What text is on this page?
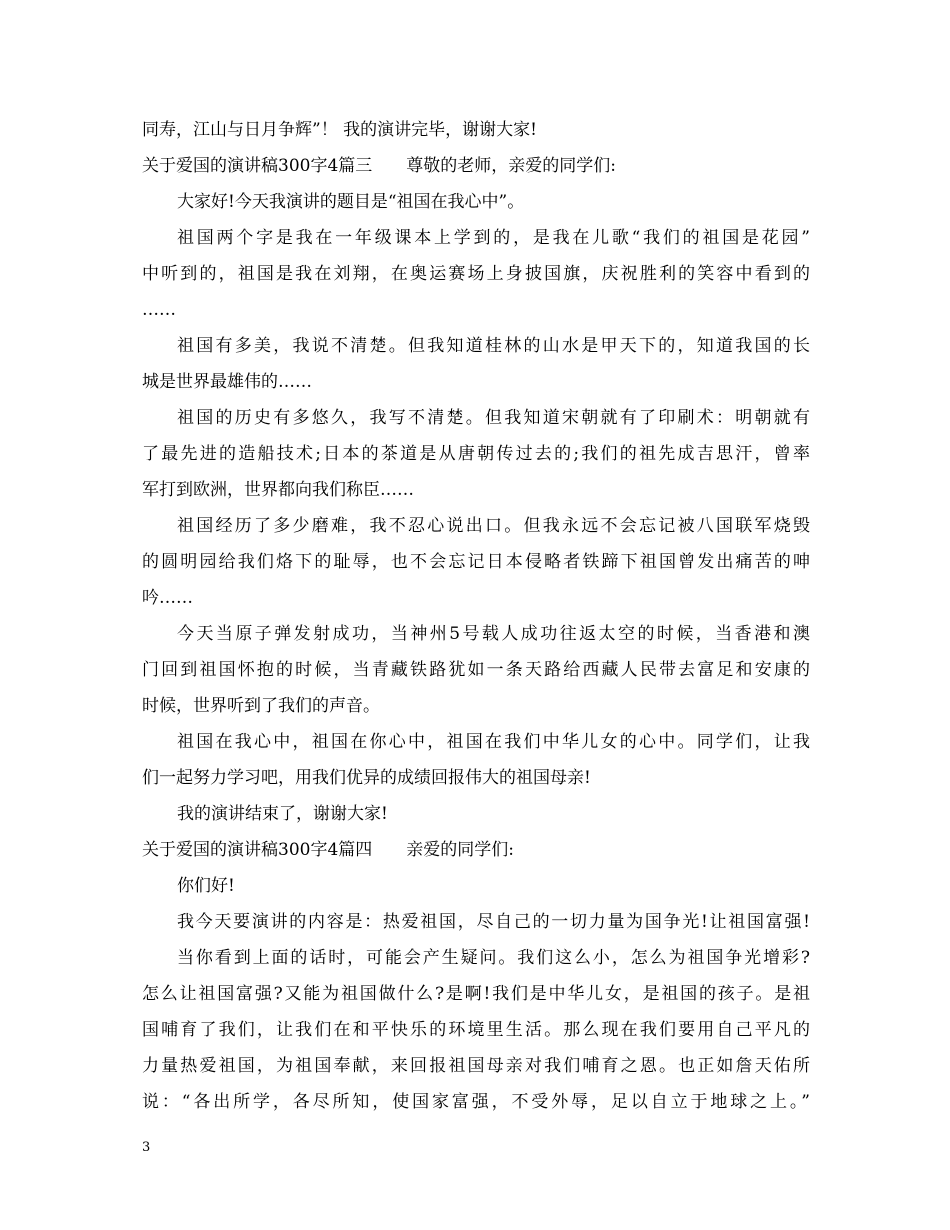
同寿，江山与日月争辉”！ 我的演讲完毕，谢谢大家!
关于爱国的演讲稿300字4篇三 尊敬的老师，亲爱的同学们:
大家好!今天我演讲的题目是“祖国在我心中”。
祖国两个字是我在一年级课本上学到的，是我在儿歌“我们的祖国是花园”
中听到的，祖国是我在刘翔，在奥运赛场上身披国旗，庆祝胜利的笑容中看到的
……
祖国有多美，我说不清楚。但我知道桂林的山水是甲天下的，知道我国的长
城是世界最雄伟的……
祖国的历史有多悠久，我写不清楚。但我知道宋朝就有了印刷术：明朝就有
了最先进的造船技术;日本的茶道是从唐朝传过去的;我们的祖先成吉思汗，曾率
军打到欧洲，世界都向我们称臣……
祖国经历了多少磨难，我不忍心说出口。但我永远不会忘记被八国联军烧毁
的圆明园给我们烙下的耻辱，也不会忘记日本侵略者铁蹄下祖国曾发出痛苦的呻
吟……
今天当原子弹发射成功，当神州5号载人成功往返太空的时候，当香港和澳
门回到祖国怀抱的时候，当青藏铁路犹如一条天路给西藏人民带去富足和安康的
时候，世界听到了我们的声音。
祖国在我心中，祖国在你心中，祖国在我们中华儿女的心中。同学们，让我
们一起努力学习吧，用我们优异的成绩回报伟大的祖国母亲!
我的演讲结束了，谢谢大家!
关于爱国的演讲稿300字4篇四 亲爱的同学们:
你们好!
我今天要演讲的内容是：热爱祖国，尽自己的一切力量为国争光!让祖国富强!
当你看到上面的话时，可能会产生疑问。我们这么小，怎么为祖国争光增彩?
怎么让祖国富强?又能为祖国做什么?是啊!我们是中华儿女，是祖国的孩子。是祖
国哺育了我们，让我们在和平快乐的环境里生活。那么现在我们要用自己平凡的
力量热爱祖国，为祖国奉献，来回报祖国母亲对我们哺育之恩。也正如詹天佑所
说：“各出所学，各尽所知，使国家富强，不受外辱，足以自立于地球之上。”
3
